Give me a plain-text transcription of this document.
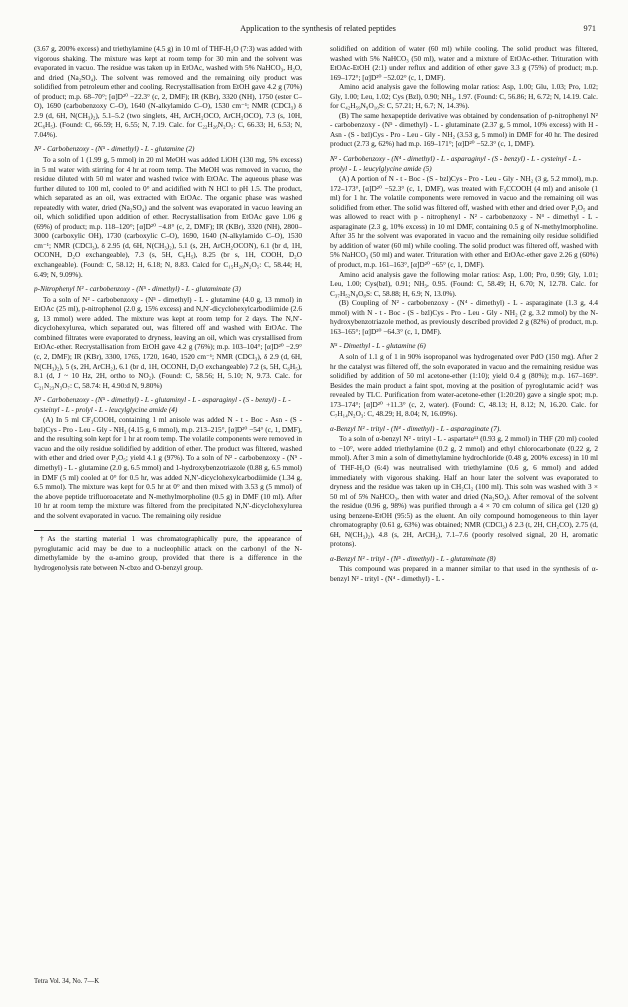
Application to the synthesis of related peptides	971

(3.67 g, 200% excess) and triethylamine (4.5 g) in 10 ml of THF-H₂O (7:3) was added with vigorous shaking. The mixture was kept at room temp for 30 min and the solvent was evaporated in vacuo. The residue was taken up in EtOAc, washed with 5% NaHCO₃, H₂O, and dried (Na₂SO₄). The solvent was removed and the remaining oily product was solidified from petroleum ether and cooling. Recrystallisation from EtOH gave 4.2 g (70%) of product; m.p. 68–70°; [α]D²⁰ −22.3° (c, 2, DMF); IR (KBr), 3320 (NH), 1750 (ester C–O), 1690 (carbobenzoxy C–O), 1640 (N-alkylamido C–O), 1530 cm⁻¹; NMR (CDCl₃) δ 2.9 (d, 6H, N(CH₃)₂), 5.1–5.2 (two singlets, 4H, ArCH₂OCO, ArCH₂OCO), 7.3 (s, 10H, 2C₆H₅). (Found: C, 66.59; H, 6.55; N, 7.19. Calc. for C₂₂H₂₆N₂O₅: C, 66.33; H, 6.53; N, 7.04%).

N² - Carbobenzoxy - (N⁵ - dimethyl) - L - glutamine (2)

To a soln of 1 (1.99 g, 5 mmol) in 20 ml MeOH was added LiOH (130 mg, 5% excess) in 5 ml water with stirring for 4 hr at room temp. The MeOH was removed in vacuo, the residue diluted with 50 ml water and washed twice with EtOAc. The aqueous phase was further diluted to 100 ml, cooled to 0° and acidified with N HCl to pH 1.5. The product, which separated as an oil, was extracted with EtOAc. The organic phase was washed repeatedly with water, dried (Na₂SO₄) and the solvent was evaporated in vacuo leaving an oil, which solidified upon addition of ether. Recrystallisation from EtOAc gave 1.06 g (69%) of product; m.p. 118–120°; [α]D²⁰ −4.8° (c, 2, DMF); IR (KBr), 3320 (NH), 2800–3000 (carboxylic OH), 1730 (carboxylic C–O), 1690, 1640 (N-alkylamido C–O), 1530 cm⁻¹; NMR (CDCl₃), δ 2.95 (d, 6H, N(CH₃)₂), 5.1 (s, 2H, ArCH₂OCON), 6.1 (br d, 1H, OCONH, D₂O exchangeable), 7.3 (s, 5H, C₆H₅), 8.25 (br s, 1H, COOH, D₂O exchangeable). (Found: C, 58.12; H, 6.18; N, 8.83. Calcd for C₁₅H₂₀N₂O₅: C, 58.44; H, 6.49; N, 9.09%).

p-Nitrophenyl N² - carbobenzoxy - (N⁵ - dimethyl) - L - glutaminate (3)

To a soln of N² - carbobenzoxy - (N⁵ - dimethyl) - L - glutamine (4.0 g, 13 mmol) in EtOAc (25 ml), p-nitrophenol (2.0 g, 15% excess) and N,N′-dicyclohexylcarbodiimide (2.6 g, 13 mmol) were added. The mixture was kept at room temp for 2 days. The N,N′-dicyclohexylurea, which separated out, was filtered off and washed with EtOAc. The combined filtrates were evaporated to dryness, leaving an oil, which was crystallised from EtOAc-ether. Recrystallisation from EtOH gave 4.2 g (76%); m.p. 103–104°; [α]D²⁰ −2.9° (c, 2, DMF); IR (KBr), 3300, 1765, 1720, 1640, 1520 cm⁻¹; NMR (CDCl₃), δ 2.9 (d, 6H, N(CH₃)₂), 5 (s, 2H, ArCH₂), 6.1 (br d, 1H, OCONH, D₂O exchangeable) 7.2 (s, 5H, C₆H₅), 8.1 (d, J ~ 10 Hz, 2H, ortho to NO₂). (Found: C, 58.56; H, 5.10; N, 9.73. Calc. for C₂₁N₂₃N₃O₇: C, 58.74: H, 4.90:d N, 9.80%)

N² - Carbobenzoxy - (N⁵ - dimethyl) - L - glutaminyl - L - asparaginyl - (S - benzyl) - L - cysteinyl - L - prolyl - L - leucylglycine amide (4)

(A) In 5 ml CF₃COOH, containing 1 ml anisole was added N - t - Boc - Asn - (S - bzl)Cys - Pro - Leu - Gly - NH₂ (4.15 g, 6 mmol), m.p. 213–215°, [α]D²⁰ −54° (c, 1, DMF), and the resulting soln kept for 1 hr at room temp. The volatile components were removed in vacuo and the oily residue solidified by addition of ether. The product was filtered, washed with ether and dried over P₂O₅; yield 4.1 g (97%). To a soln of N² - carbobenzoxy - (N⁵ - dimethyl) - L - glutamine (2.0 g, 6.5 mmol) and 1-hydroxybenzotriazole (0.88 g, 6.5 mmol) in DMF (5 ml) cooled at 0° for 0.5 hr, was added N,N′-dicyclohexylcarbodiimide (1.34 g, 6.5 mmol). The mixture was kept for 0.5 hr at 0° and then mixed with 3.53 g (5 mmol) of the above peptide trifluoroacetate and N-methylmorpholine (0.5 g) in DMF (10 ml). After 10 hr at room temp the mixture was filtered from the precipitated N,N′-dicyclohexylurea and the solvent evaporated in vacuo. The remaining oily residue

†As the starting material 1 was chromatographically pure, the appearance of pyroglutamic acid may be due to a nucleophilic attack on the carbonyl of the N-dimethylamide by the α-amino group, provided that there is a difference in the hydrogenolysis rate between N-cbzo and O-benzyl group.

solidified on addition of water (60 ml) while cooling. The solid product was filtered, washed with 5% NaHCO₃ (50 ml), water and a mixture of EtOAc-ether. Trituration with EtOAc-EtOH (2:1) under reflux and addition of ether gave 3.3 g (75%) of product; m.p. 169–172°; [α]D²⁰ −52.02° (c, 1, DMF).

Amino acid analysis gave the following molar ratios: Asp, 1.00; Glu, 1.03; Pro, 1.02; Gly, 1.00; Leu, 1.02; Cys (Bzl), 0.90; NH₃, 1.97. (Found: C, 56.86; H, 6.72; N, 14.19. Calc. for C₄₂H₅₉N₉O₁₀S: C, 57.21; H, 6.7; N, 14.3%).

(B) The same hexapeptide derivative was obtained by condensation of p-nitrophenyl N² - carbobenzoxy - (N⁵ - dimethyl) - L - glutaminate (2.37 g, 5 mmol, 10% excess) with H - Asn - (S - bzl)Cys - Pro - Leu - Gly - NH₂ (3.53 g, 5 mmol) in DMF for 40 hr. The desired product (2.73 g, 62%) had m.p. 169–171°; [α]D²⁰ −52.3° (c, 1, DMF).

N² - Carbobenzoxy - (N⁴ - dimethyl) - L - asparaginyl - (S - benzyl) - L - cysteinyl - L - prolyl - L - leucylglycine amide (5)

(A) A portion of N - t - Boc - (S - bzl)Cys - Pro - Leu - Gly - NH₂ (3 g, 5.2 mmol), m.p. 172–173°, [α]D²⁰ −52.3° (c, 1, DMF), was treated with F₃CCOOH (4 ml) and anisole (1 ml) for 1 hr. The volatile components were removed in vacuo and the remaining oil was solidified from ether. The solid was filtered off, washed with ether and dried over P₂O₅ and was allowed to react with p - nitrophenyl - N² - carbobenzoxy - N⁴ - dimethyl - L - asparaginate (2.3 g, 10% excess) in 10 ml DMF, containing 0.5 g of N-methylmorpholine. After 35 hr the solvent was evaporated in vacuo and the remaining oily residue solidified by addition of water (60 ml) while cooling. The solid product was filtered off, washed with 5% NaHCO₃ (50 ml) and water. Trituration with ether and EtOAc-ether gave 2.26 g (60%) of product, m.p. 161–163°, [α]D²⁰ −65° (c, 1, DMF).

Amino acid analysis gave the following molar ratios: Asp, 1.00; Pro, 0.99; Gly, 1.01; Leu, 1.00; Cys(bzl), 0.91; NH₃, 0.95. (Found: C, 58.49; H, 6.70; N, 12.78. Calc. for C₃₇H₅₂N₈O₈S: C, 58.88; H, 6.9; N, 13.0%).

(B) Coupling of N² - carbobenzoxy - (N⁴ - dimethyl) - L - asparaginate (1.3 g, 4.4 mmol) with N - t - Boc - (S - bzl)Cys - Pro - Leu - Gly - NH₂ (2 g, 3.2 mmol) by the N-hydroxybenzotriazole method, as previously described provided 2 g (82%) of product, m.p. 163–165°; [α]D²⁰ −64.3° (c, 1, DMF).

N⁵ - Dimethyl - L - glutamine (6)

A soln of 1.1 g of 1 in 90% isopropanol was hydrogenated over PdO (150 mg). After 2 hr the catalyst was filtered off, the soln evaporated in vacuo and the remaining residue was solidified by addition of 50 ml acetone-ether (1:10); yield 0.4 g (80%); m.p. 167–169°. Besides the main product a faint spot, moving at the position of pyroglutamic acid† was revealed by TLC. Purification from water-acetone-ether (1:20:20) gave a single spot; m.p. 173–174°; [α]D²⁰ +11.3° (c, 2, water). (Found: C, 48.13; H, 8.12; N, 16.20. Calc. for C₇H₁₄N₂O₃: C, 48.29; H, 8.04; N, 16.09%).

α-Benzyl N² - trityl - (N⁴ - dimethyl) - L - asparaginate (7).

To a soln of α-benzyl N² - trityl - L - aspartate¹¹ (0.93 g, 2 mmol) in THF (20 ml) cooled to −10°, were added triethylamine (0.2 g, 2 mmol) and ethyl chlorocarbonate (0.22 g, 2 mmol). After 3 min a soln of dimethylamine hydrochloride (0.48 g, 200% excess) in 10 ml of THF-H₂O (6:4) was neutralised with triethylamine (0.6 g, 6 mmol) and added immediately with vigorous shaking. Half an hour later the solvent was evaporated to dryness and the residue was taken up in CH₂Cl₂ (100 ml). This soln was washed with 3 × 50 ml of 5% NaHCO₃, then with water and dried (Na₂SO₄). After removal of the solvent the residue (0.96 g, 98%) was purified through a 4 × 70 cm column of silica gel (120 g) using benzene-EtOH (95:5) as the eluent. An oily compound homogeneous to thin layer chromatography (0.61 g, 63%) was obtained; NMR (CDCl₃) δ 2.3 (t, 2H, CH₂CO), 2.75 (d, 6H, N(CH₃)₂), 4.8 (s, 2H, ArCH₂), 7.1–7.6 (poorly resolved signal, 20 H, aromatic protons).

α-Benzyl N² - trityl - (N⁵ - dimethyl) - L - glutaminate (8)

This compound was prepared in a manner similar to that used in the synthesis of α-benzyl N² - trityl - (N⁴ - dimethyl) - L -

Tetra Vol. 34, No. 7—K
